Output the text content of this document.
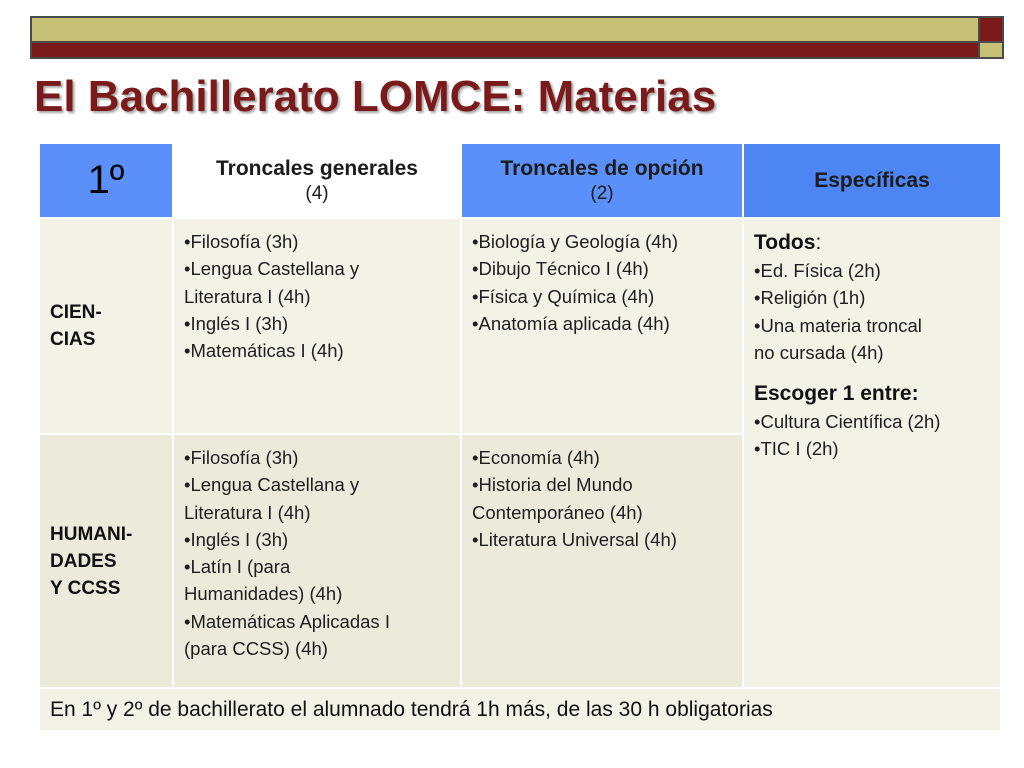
El Bachillerato LOMCE: Materias
1º	Troncales generales
(4)
Troncales de opción
(2)
Específicas
CIEN-
CIAS
•Filosofía (3h)
•Lengua Castellana y
Literatura I (4h)
•Inglés I (3h)
•Matemáticas I (4h)
•Biología y Geología (4h)
•Dibujo Técnico I (4h)
•Física y Química (4h)
•Anatomía aplicada (4h)
Todos:
•Ed. Física (2h)
•Religión (1h)
•Una materia troncal
no cursada (4h)
Escoger 1 entre:
•Cultura Científica (2h)
•TIC I (2h)
HUMANI-
DADES
Y CCSS
•Filosofía (3h)
•Lengua Castellana y
Literatura I (4h)
•Inglés I (3h)
•Latín I (para
Humanidades) (4h)
•Matemáticas Aplicadas I
(para CCSS) (4h)
•Economía (4h)
•Historia del Mundo
Contemporáneo (4h)
•Literatura Universal (4h)
En 1º y 2º de bachillerato el alumnado tendrá 1h más, de las 30 h obligatorias
